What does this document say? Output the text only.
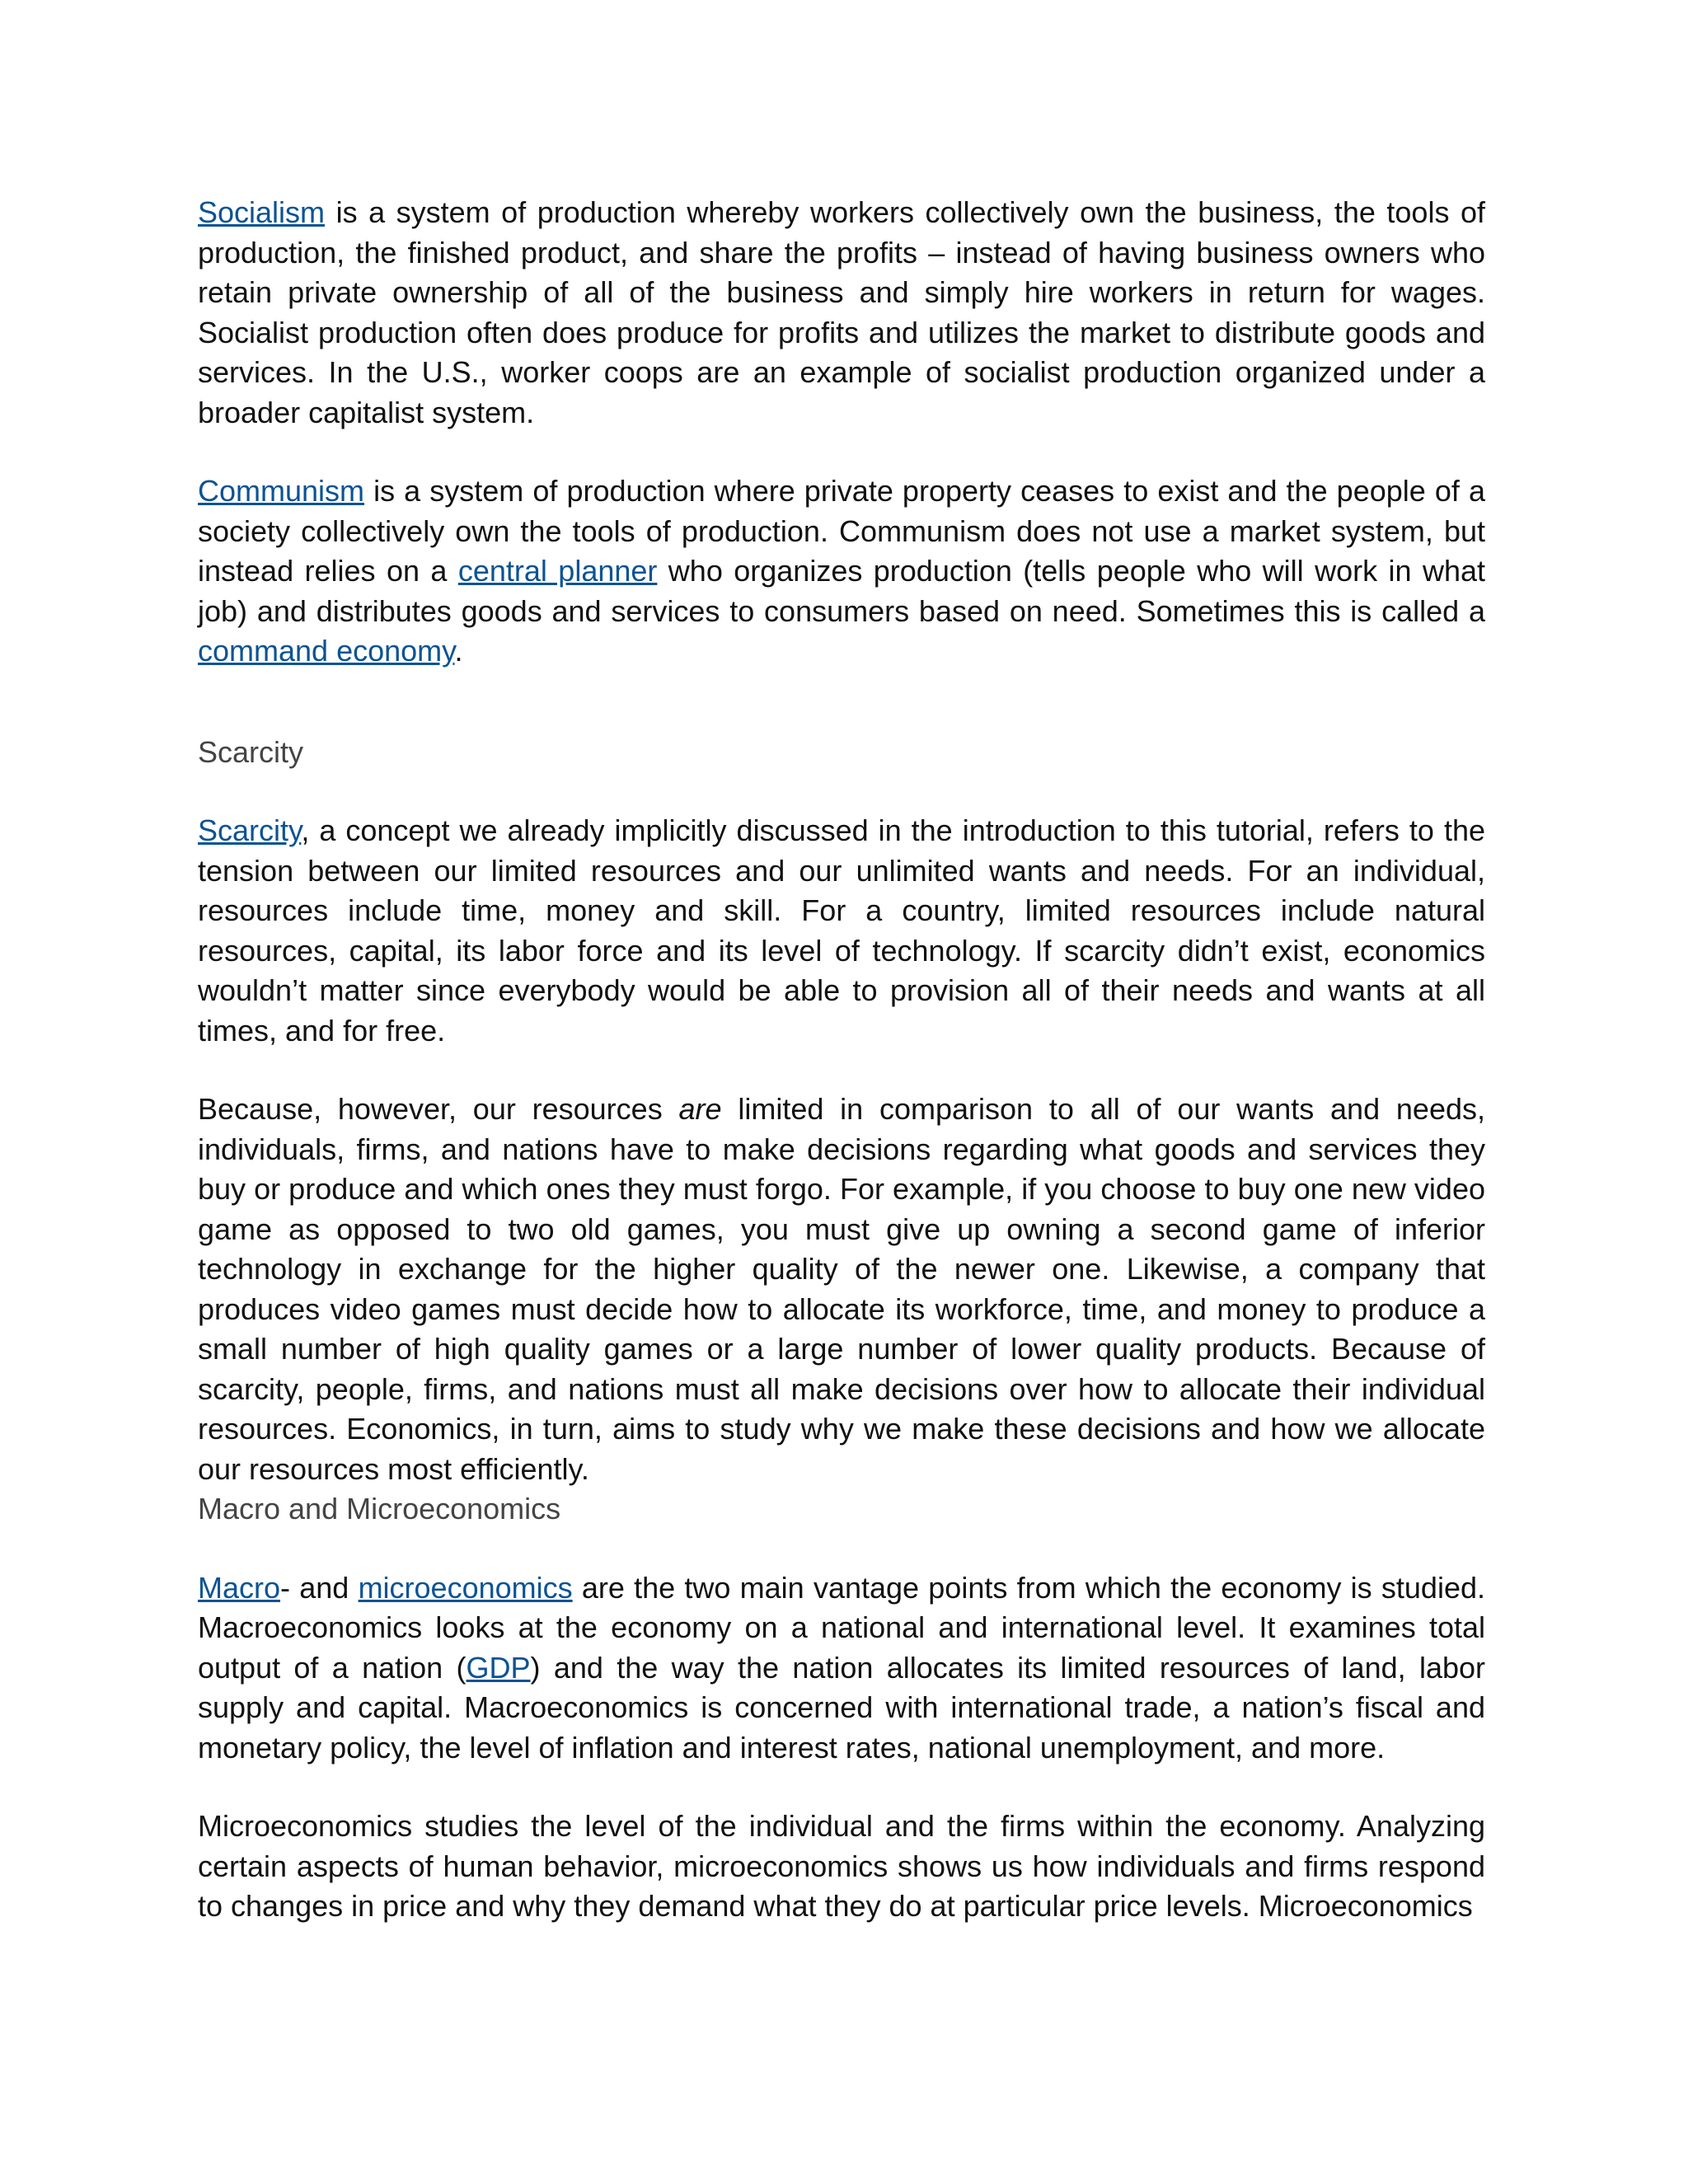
Socialism is a system of production whereby workers collectively own the business, the tools of production, the finished product, and share the profits – instead of having business owners who retain private ownership of all of the business and simply hire workers in return for wages. Socialist production often does produce for profits and utilizes the market to distribute goods and services. In the U.S., worker coops are an example of socialist production organized under a broader capitalist system.

Communism is a system of production where private property ceases to exist and the people of a society collectively own the tools of production. Communism does not use a market system, but instead relies on a central planner who organizes production (tells people who will work in what job) and distributes goods and services to consumers based on need. Sometimes this is called a command economy.

Scarcity

Scarcity, a concept we already implicitly discussed in the introduction to this tutorial, refers to the tension between our limited resources and our unlimited wants and needs. For an individual, resources include time, money and skill. For a country, limited resources include natural resources, capital, its labor force and its level of technology. If scarcity didn’t exist, economics wouldn’t matter since everybody would be able to provision all of their needs and wants at all times, and for free.

Because, however, our resources are limited in comparison to all of our wants and needs, individuals, firms, and nations have to make decisions regarding what goods and services they buy or produce and which ones they must forgo. For example, if you choose to buy one new video game as opposed to two old games, you must give up owning a second game of inferior technology in exchange for the higher quality of the newer one. Likewise, a company that produces video games must decide how to allocate its workforce, time, and money to produce a small number of high quality games or a large number of lower quality products. Because of scarcity, people, firms, and nations must all make decisions over how to allocate their individual resources. Economics, in turn, aims to study why we make these decisions and how we allocate our resources most efficiently.

Macro and Microeconomics

Macro- and microeconomics are the two main vantage points from which the economy is studied. Macroeconomics looks at the economy on a national and international level. It examines total output of a nation (GDP) and the way the nation allocates its limited resources of land, labor supply and capital. Macroeconomics is concerned with international trade, a nation’s fiscal and monetary policy, the level of inflation and interest rates, national unemployment, and more.

Microeconomics studies the level of the individual and the firms within the economy. Analyzing certain aspects of human behavior, microeconomics shows us how individuals and firms respond to changes in price and why they demand what they do at particular price levels. Microeconomics
